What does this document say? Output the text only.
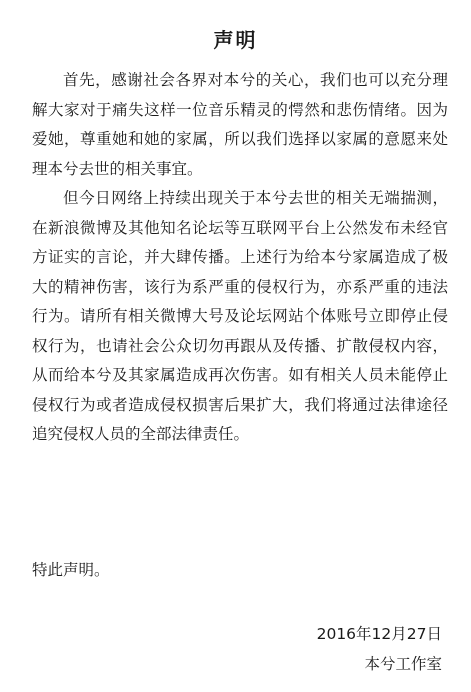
声明

首先，感谢社会各界对本兮的关心，我们也可以充分理解大家对于痛失这样一位音乐精灵的愕然和悲伤情绪。因为爱她，尊重她和她的家属，所以我们选择以家属的意愿来处理本兮去世的相关事宜。

但今日网络上持续出现关于本兮去世的相关无端揣测，在新浪微博及其他知名论坛等互联网平台上公然发布未经官方证实的言论，并大肆传播。上述行为给本兮家属造成了极大的精神伤害，该行为系严重的侵权行为，亦系严重的违法行为。请所有相关微博大号及论坛网站个体账号立即停止侵权行为，也请社会公众切勿再跟从及传播、扩散侵权内容，从而给本兮及其家属造成再次伤害。如有相关人员未能停止侵权行为或者造成侵权损害后果扩大，我们将通过法律途径追究侵权人员的全部法律责任。

特此声明。
2016年12月27日
本兮工作室
